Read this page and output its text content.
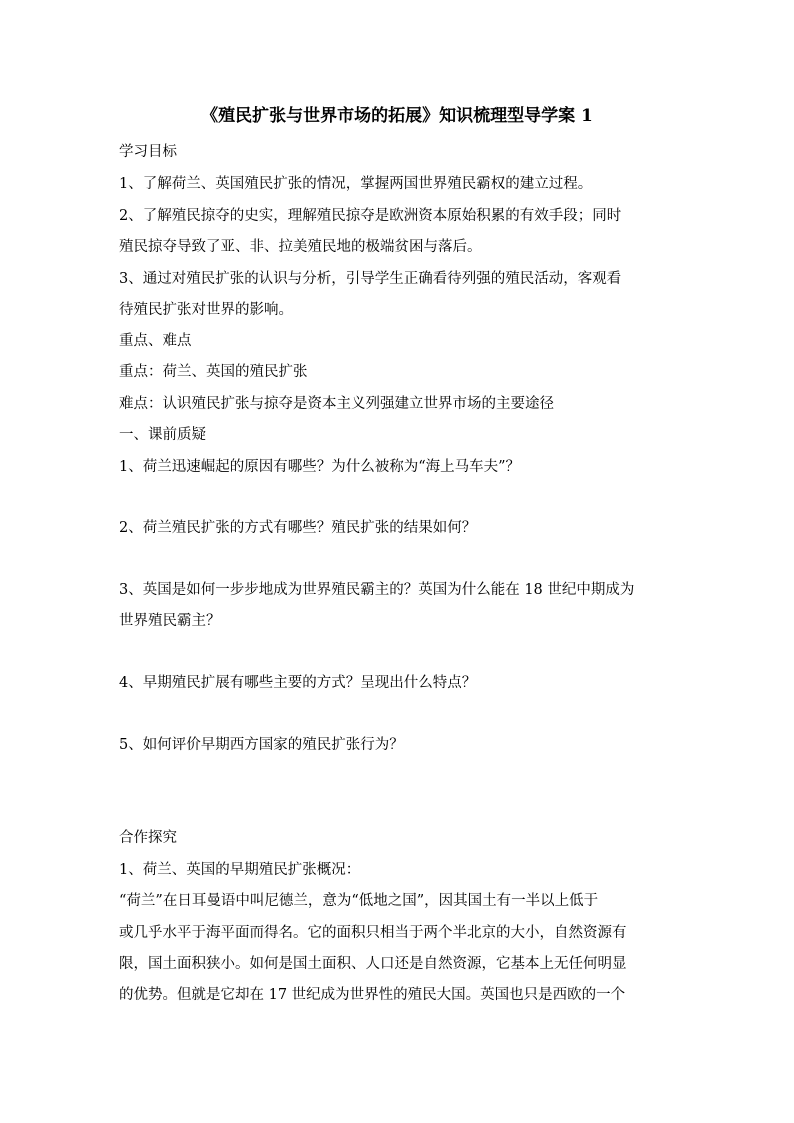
《殖民扩张与世界市场的拓展》知识梳理型导学案 1
学习目标
1、了解荷兰、英国殖民扩张的情况，掌握两国世界殖民霸权的建立过程。
2、了解殖民掠夺的史实，理解殖民掠夺是欧洲资本原始积累的有效手段；同时
殖民掠夺导致了亚、非、拉美殖民地的极端贫困与落后。
3、通过对殖民扩张的认识与分析，引导学生正确看待列强的殖民活动，客观看
待殖民扩张对世界的影响。
重点、难点
重点：荷兰、英国的殖民扩张
难点：认识殖民扩张与掠夺是资本主义列强建立世界市场的主要途径
一、课前质疑
1、荷兰迅速崛起的原因有哪些？为什么被称为“海上马车夫”？
2、荷兰殖民扩张的方式有哪些？殖民扩张的结果如何？
3、英国是如何一步步地成为世界殖民霸主的？英国为什么能在 18 世纪中期成为
世界殖民霸主？
4、早期殖民扩展有哪些主要的方式？呈现出什么特点？
5、如何评价早期西方国家的殖民扩张行为？
合作探究
1、荷兰、英国的早期殖民扩张概况：
“荷兰”在日耳曼语中叫尼德兰，意为“低地之国”，因其国土有一半以上低于
或几乎水平于海平面而得名。它的面积只相当于两个半北京的大小，自然资源有
限，国土面积狭小。如何是国土面积、人口还是自然资源，它基本上无任何明显
的优势。但就是它却在 17 世纪成为世界性的殖民大国。英国也只是西欧的一个
